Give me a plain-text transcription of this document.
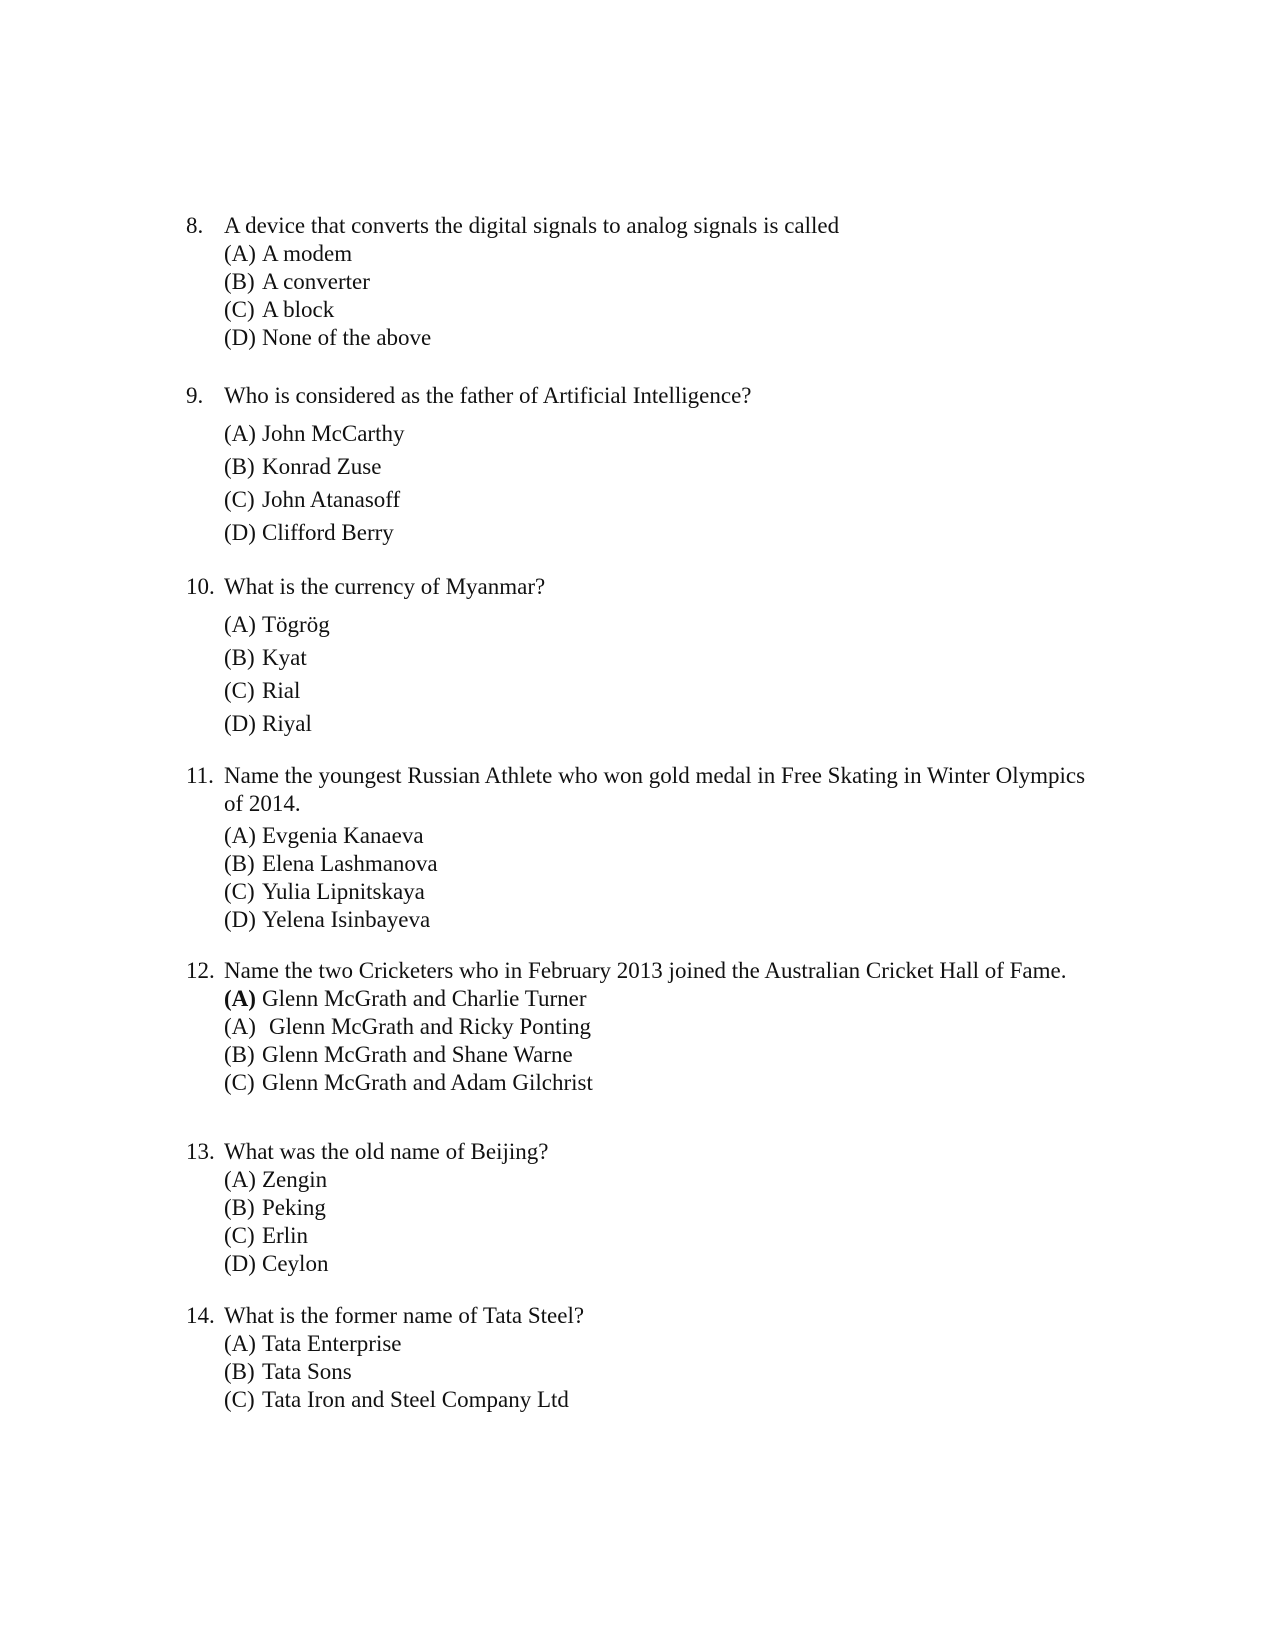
8. A device that converts the digital signals to analog signals is called
(A) A modem
(B) A converter
(C) A block
(D) None of the above
9. Who is considered as the father of Artificial Intelligence?
(A) John McCarthy
(B) Konrad Zuse
(C) John Atanasoff
(D) Clifford Berry
10. What is the currency of Myanmar?
(A) Tögrög
(B) Kyat
(C) Rial
(D) Riyal
11. Name the youngest Russian Athlete who won gold medal in Free Skating in Winter Olympics of 2014.
(A) Evgenia Kanaeva
(B) Elena Lashmanova
(C) Yulia Lipnitskaya
(D) Yelena Isinbayeva
12. Name the two Cricketers who in February 2013 joined the Australian Cricket Hall of Fame.
(A) Glenn McGrath and Charlie Turner
(A) Glenn McGrath and Ricky Ponting
(B) Glenn McGrath and Shane Warne
(C) Glenn McGrath and Adam Gilchrist
13. What was the old name of Beijing?
(A) Zengin
(B) Peking
(C) Erlin
(D) Ceylon
14. What is the former name of Tata Steel?
(A) Tata Enterprise
(B) Tata Sons
(C) Tata Iron and Steel Company Ltd
